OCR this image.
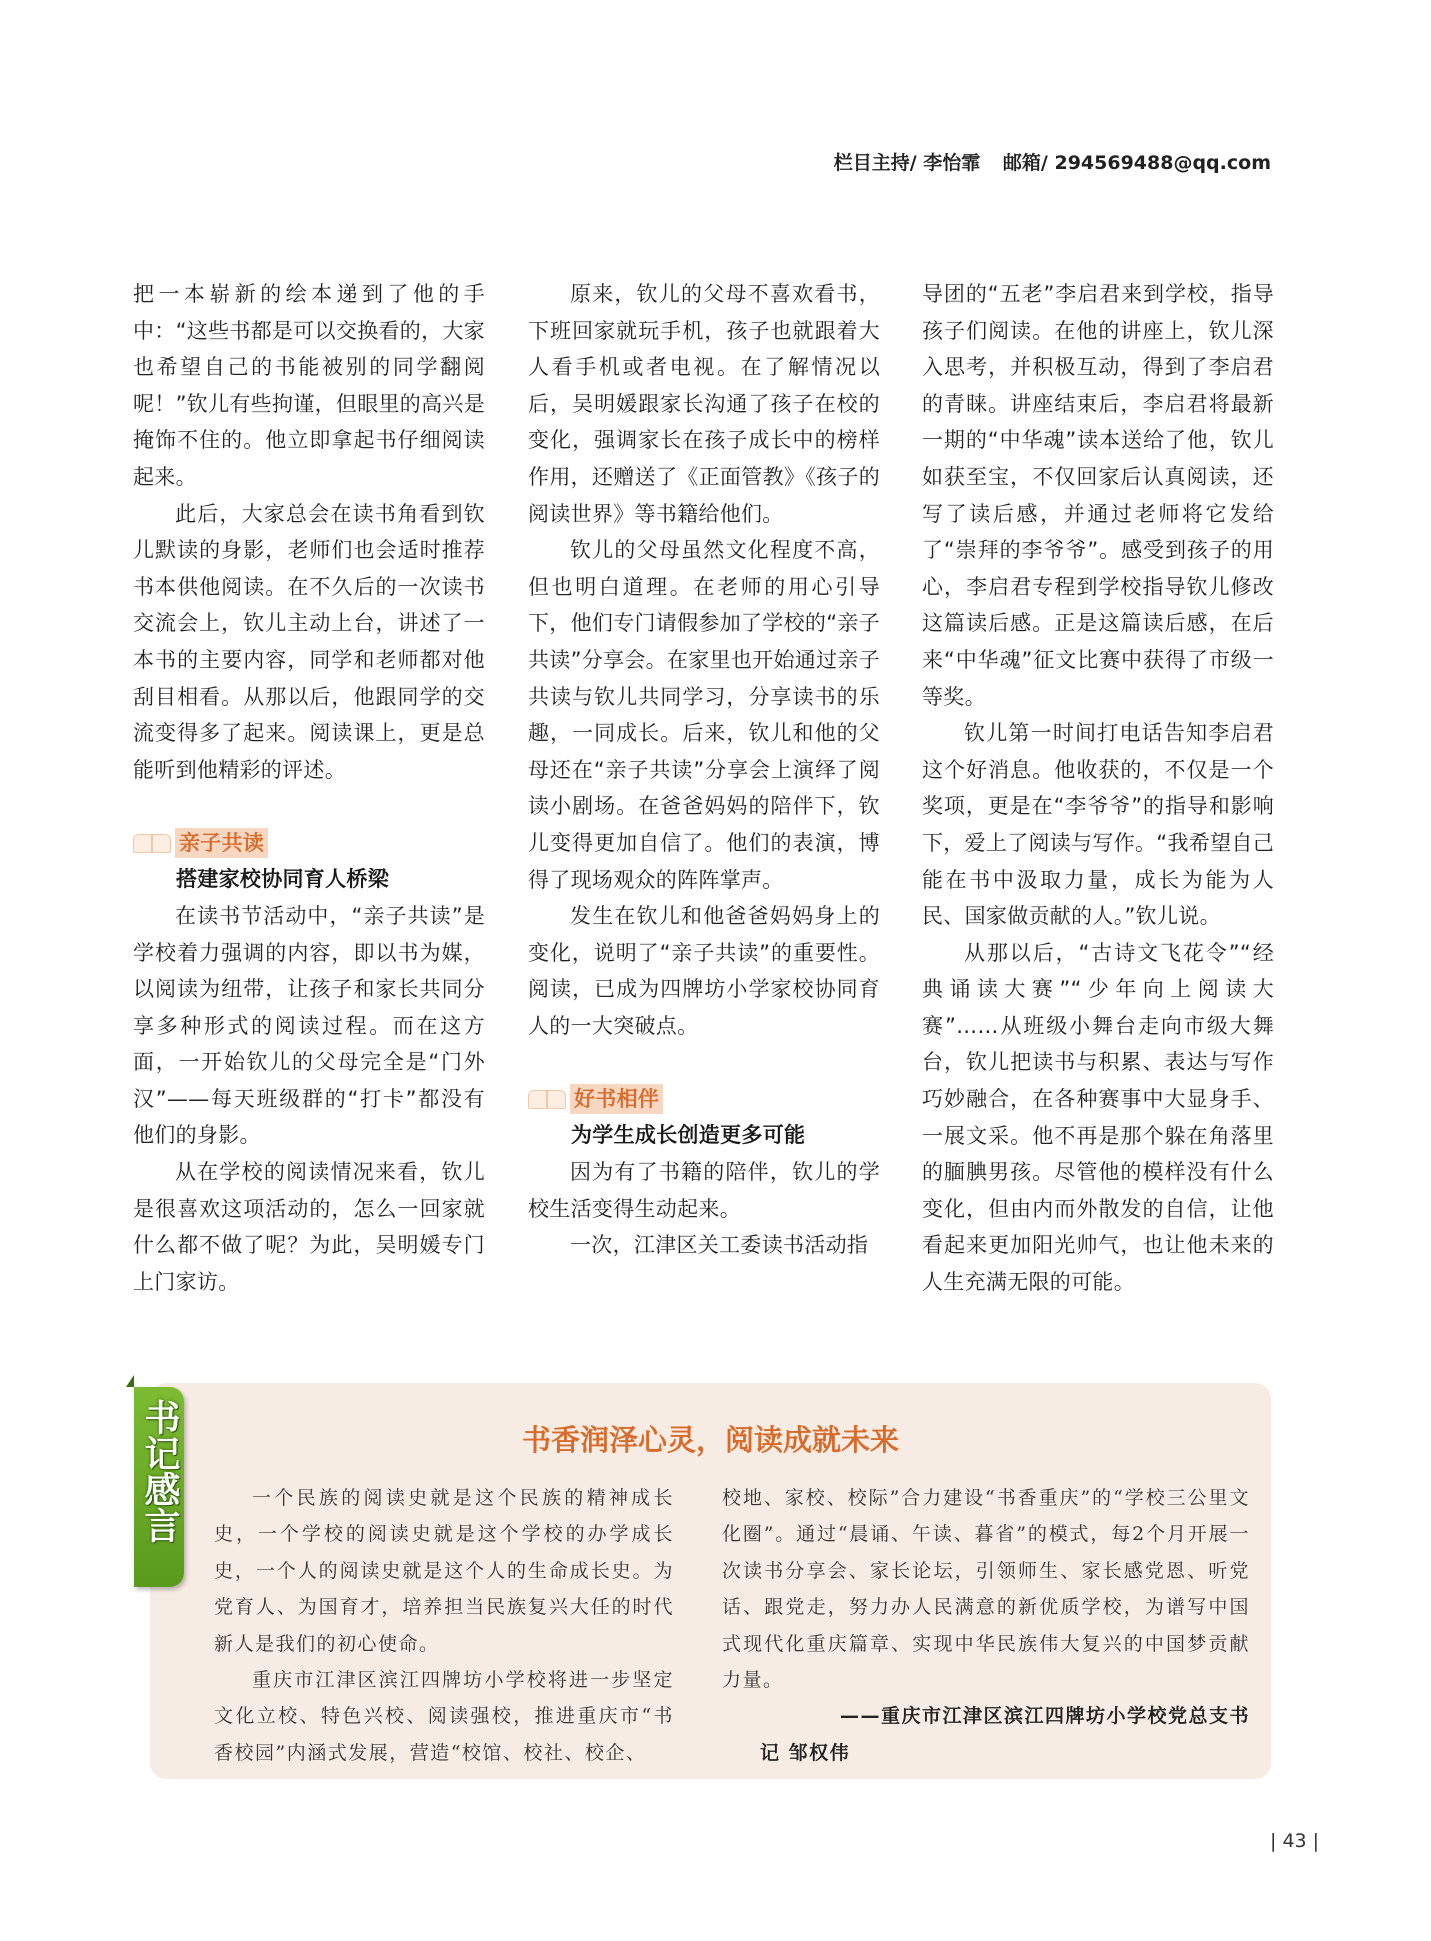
栏目主持/ 李怡霏 邮箱/ 294569488@qq.com

把一本崭新的绘本递到了他的手中：“这些书都是可以交换看的，大家也希望自己的书能被别的同学翻阅呢！”钦儿有些拘谨，但眼里的高兴是掩饰不住的。他立即拿起书仔细阅读起来。

此后，大家总会在读书角看到钦儿默读的身影，老师们也会适时推荐书本供他阅读。在不久后的一次读书交流会上，钦儿主动上台，讲述了一本书的主要内容，同学和老师都对他刮目相看。从那以后，他跟同学的交流变得多了起来。阅读课上，更是总能听到他精彩的评述。

亲子共读
搭建家校协同育人桥梁

在读书节活动中，“亲子共读”是学校着力强调的内容，即以书为媒，以阅读为纽带，让孩子和家长共同分享多种形式的阅读过程。而在这方面，一开始钦儿的父母完全是“门外汉”——每天班级群的“打卡”都没有他们的身影。

从在学校的阅读情况来看，钦儿是很喜欢这项活动的，怎么一回家就什么都不做了呢？为此，吴明媛专门上门家访。

原来，钦儿的父母不喜欢看书，下班回家就玩手机，孩子也就跟着大人看手机或者电视。在了解情况以后，吴明媛跟家长沟通了孩子在校的变化，强调家长在孩子成长中的榜样作用，还赠送了《正面管教》《孩子的阅读世界》等书籍给他们。

钦儿的父母虽然文化程度不高，但也明白道理。在老师的用心引导下，他们专门请假参加了学校的“亲子共读”分享会。在家里也开始通过亲子共读与钦儿共同学习，分享读书的乐趣，一同成长。后来，钦儿和他的父母还在“亲子共读”分享会上演绎了阅读小剧场。在爸爸妈妈的陪伴下，钦儿变得更加自信了。他们的表演，博得了现场观众的阵阵掌声。

发生在钦儿和他爸爸妈妈身上的变化，说明了“亲子共读”的重要性。阅读，已成为四牌坊小学家校协同育人的一大突破点。

好书相伴
为学生成长创造更多可能

因为有了书籍的陪伴，钦儿的学校生活变得生动起来。

一次，江津区关工委读书活动指

导团的“五老”李启君来到学校，指导孩子们阅读。在他的讲座上，钦儿深入思考，并积极互动，得到了李启君的青睐。讲座结束后，李启君将最新一期的“中华魂”读本送给了他，钦儿如获至宝，不仅回家后认真阅读，还写了读后感，并通过老师将它发给了“崇拜的李爷爷”。感受到孩子的用心，李启君专程到学校指导钦儿修改这篇读后感。正是这篇读后感，在后来“中华魂”征文比赛中获得了市级一等奖。

钦儿第一时间打电话告知李启君这个好消息。他收获的，不仅是一个奖项，更是在“李爷爷”的指导和影响下，爱上了阅读与写作。“我希望自己能在书中汲取力量，成长为能为人民、国家做贡献的人。”钦儿说。

从那以后，“古诗文飞花令”“经典诵读大赛”“少年向上阅读大赛”……从班级小舞台走向市级大舞台，钦儿把读书与积累、表达与写作巧妙融合，在各种赛事中大显身手、一展文采。他不再是那个躲在角落里的腼腆男孩。尽管他的模样没有什么变化，但由内而外散发的自信，让他看起来更加阳光帅气，也让他未来的人生充满无限的可能。

书记感言	书香润泽心灵，阅读成就未来

一个民族的阅读史就是这个民族的精神成长史，一个学校的阅读史就是这个学校的办学成长史，一个人的阅读史就是这个人的生命成长史。为党育人、为国育才，培养担当民族复兴大任的时代新人是我们的初心使命。

重庆市江津区滨江四牌坊小学校将进一步坚定文化立校、特色兴校、阅读强校，推进重庆市“书香校园”内涵式发展，营造“校馆、校社、校企、

校地、家校、校际”合力建设“书香重庆”的“学校三公里文化圈”。通过“晨诵、午读、暮省”的模式，每2个月开展一次读书分享会、家长论坛，引领师生、家长感党恩、听党话、跟党走，努力办人民满意的新优质学校，为谱写中国式现代化重庆篇章、实现中华民族伟大复兴的中国梦贡献力量。

——重庆市江津区滨江四牌坊小学校党总支书

记 邹权伟

| 43 |
